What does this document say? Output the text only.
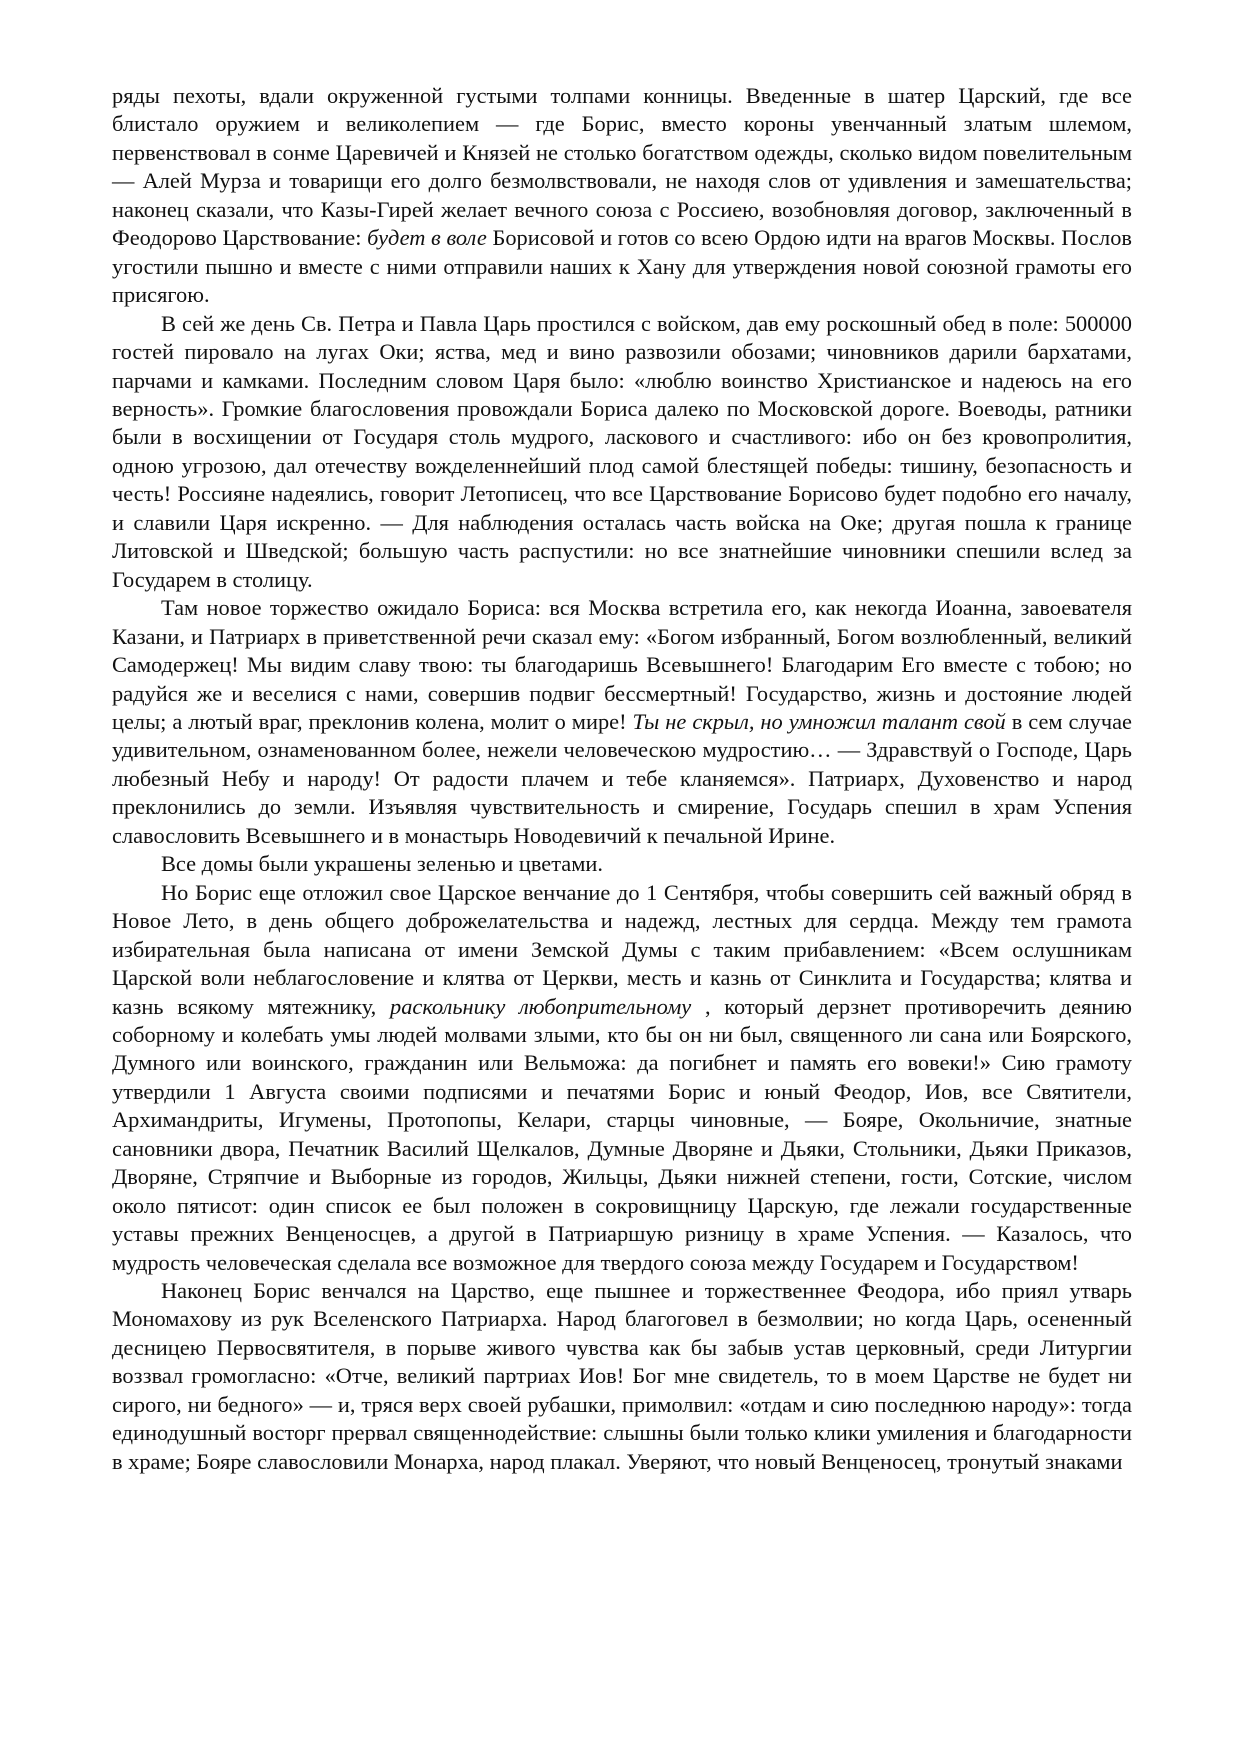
ряды пехоты, вдали окруженной густыми толпами конницы. Введенные в шатер Царский, где все блистало оружием и великолепием — где Борис, вместо короны увенчанный златым шлемом, первенствовал в сонме Царевичей и Князей не столько богатством одежды, сколько видом повелительным — Алей Мурза и товарищи его долго безмолвствовали, не находя слов от удивления и замешательства; наконец сказали, что Казы-Гирей желает вечного союза с Россиею, возобновляя договор, заключенный в Феодорово Царствование: будет в воле Борисовой и готов со всею Ордою идти на врагов Москвы. Послов угостили пышно и вместе с ними отправили наших к Хану для утверждения новой союзной грамоты его присягою.

В сей же день Св. Петра и Павла Царь простился с войском, дав ему роскошный обед в поле: 500000 гостей пировало на лугах Оки; яства, мед и вино развозили обозами; чиновников дарили бархатами, парчами и камками. Последним словом Царя было: «люблю воинство Христианское и надеюсь на его верность». Громкие благословения провождали Бориса далеко по Московской дороге. Воеводы, ратники были в восхищении от Государя столь мудрого, ласкового и счастливого: ибо он без кровопролития, одною угрозою, дал отечеству вожделеннейший плод самой блестящей победы: тишину, безопасность и честь! Россияне надеялись, говорит Летописец, что все Царствование Борисово будет подобно его началу, и славили Царя искренно. — Для наблюдения осталась часть войска на Оке; другая пошла к границе Литовской и Шведской; большую часть распустили: но все знатнейшие чиновники спешили вслед за Государем в столицу.

Там новое торжество ожидало Бориса: вся Москва встретила его, как некогда Иоанна, завоевателя Казани, и Патриарх в приветственной речи сказал ему: «Богом избранный, Богом возлюбленный, великий Самодержец! Мы видим славу твою: ты благодаришь Всевышнего! Благодарим Его вместе с тобою; но радуйся же и веселися с нами, совершив подвиг бессмертный! Государство, жизнь и достояние людей целы; а лютый враг, преклонив колена, молит о мире! Ты не скрыл, но умножил талант свой в сем случае удивительном, ознаменованном более, нежели человеческою мудростию… — Здравствуй о Господе, Царь любезный Небу и народу! От радости плачем и тебе кланяемся». Патриарх, Духовенство и народ преклонились до земли. Изъявляя чувствительность и смирение, Государь спешил в храм Успения славословить Всевышнего и в монастырь Новодевичий к печальной Ирине.

Все домы были украшены зеленью и цветами.

Но Борис еще отложил свое Царское венчание до 1 Сентября, чтобы совершить сей важный обряд в Новое Лето, в день общего доброжелательства и надежд, лестных для сердца. Между тем грамота избирательная была написана от имени Земской Думы с таким прибавлением: «Всем ослушникам Царской воли неблагословение и клятва от Церкви, месть и казнь от Синклита и Государства; клятва и казнь всякому мятежнику, раскольнику любопрительному , который дерзнет противоречить деянию соборному и колебать умы людей молвами злыми, кто бы он ни был, священного ли сана или Боярского, Думного или воинского, гражданин или Вельможа: да погибнет и память его вовеки!» Сию грамоту утвердили 1 Августа своими подписями и печатями Борис и юный Феодор, Иов, все Святители, Архимандриты, Игумены, Протопопы, Келари, старцы чиновные, — Бояре, Окольничие, знатные сановники двора, Печатник Василий Щелкалов, Думные Дворяне и Дьяки, Стольники, Дьяки Приказов, Дворяне, Стряпчие и Выборные из городов, Жильцы, Дьяки нижней степени, гости, Сотские, числом около пятисот: один список ее был положен в сокровищницу Царскую, где лежали государственные уставы прежних Венценосцев, а другой в Патриаршую ризницу в храме Успения. — Казалось, что мудрость человеческая сделала все возможное для твердого союза между Государем и Государством!

Наконец Борис венчался на Царство, еще пышнее и торжественнее Феодора, ибо приял утварь Мономахову из рук Вселенского Патриарха. Народ благоговел в безмолвии; но когда Царь, осененный десницею Первосвятителя, в порыве живого чувства как бы забыв устав церковный, среди Литургии воззвал громогласно: «Отче, великий партриах Иов! Бог мне свидетель, то в моем Царстве не будет ни сирого, ни бедного» — и, тряся верх своей рубашки, примолвил: «отдам и сию последнюю народу»: тогда единодушный восторг прервал священнодействие: слышны были только клики умиления и благодарности в храме; Бояре славословили Монарха, народ плакал. Уверяют, что новый Венценосец, тронутый знаками
